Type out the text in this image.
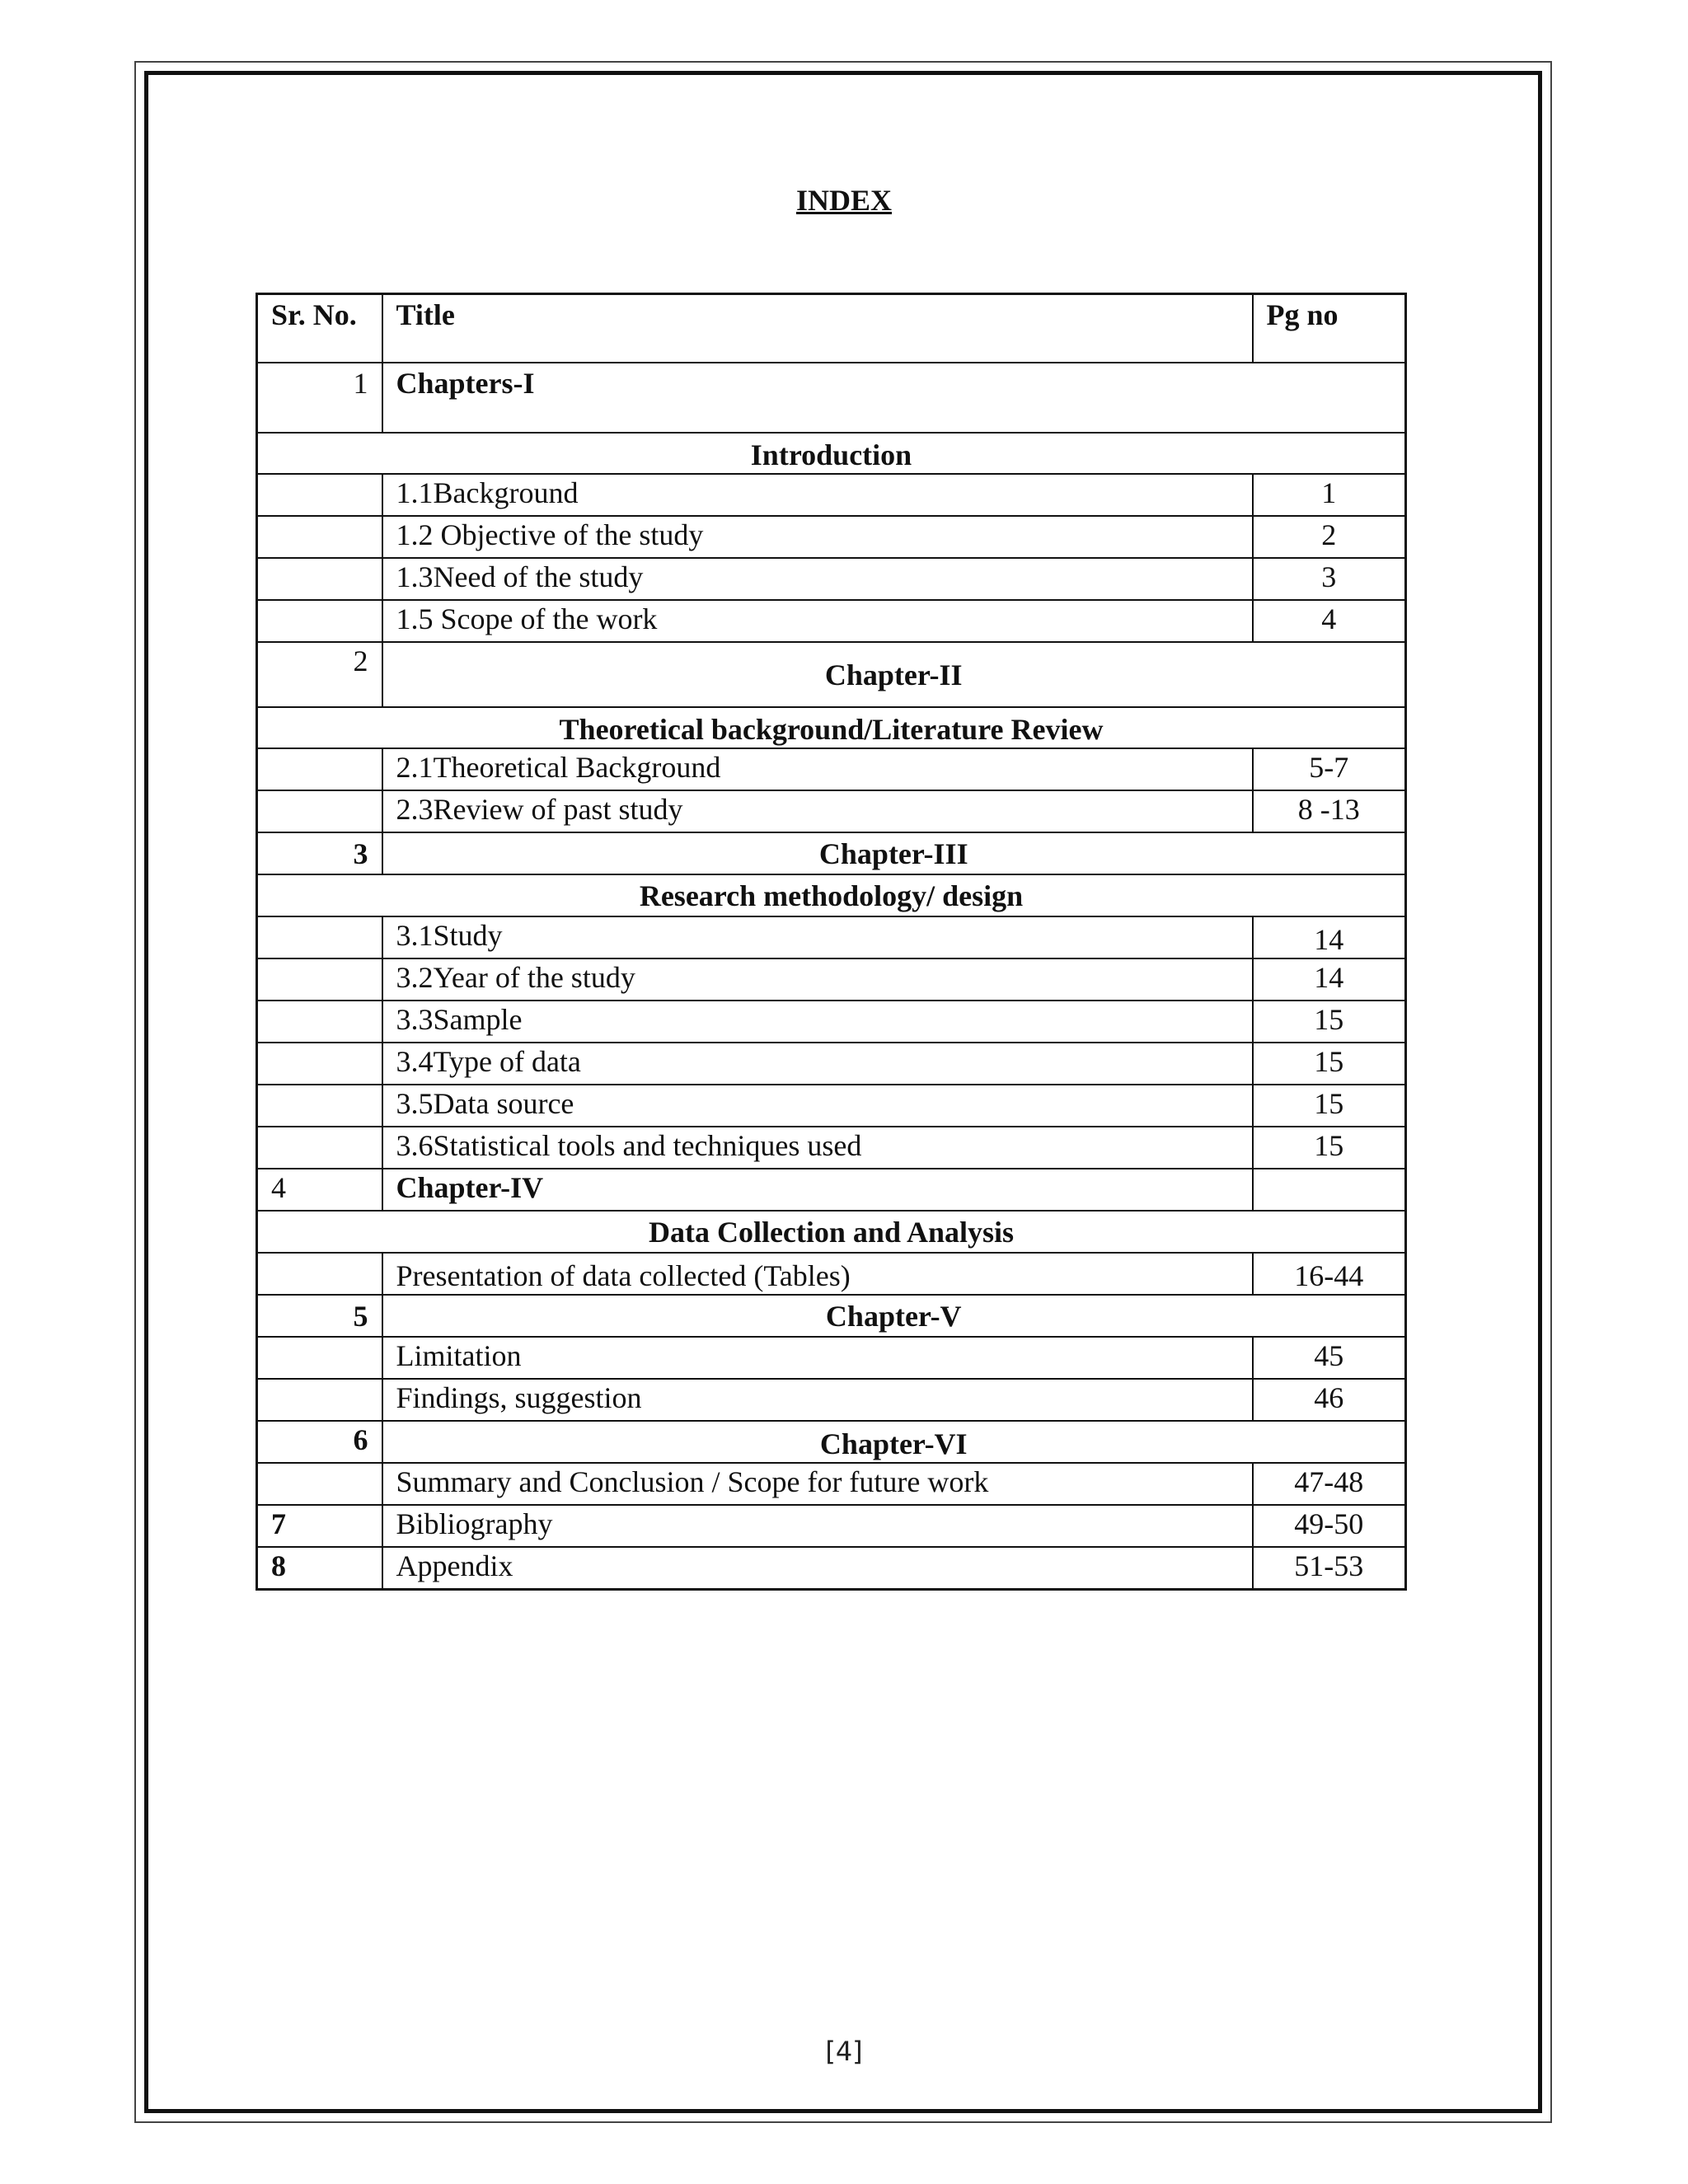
INDEX
Sr. No.	Title	Pg no
1	Chapters-I	
Introduction		
	1.1Background	1
	1.2 Objective of the study	2
	1.3Need of the study	3
	1.5 Scope of the work	4
2	Chapter-II	
Theoretical background/Literature Review		
	2.1Theoretical Background	5-7
	2.3Review of past study	8 -13
3	Chapter-III	
Research methodology/ design		
	3.1Study	14
	3.2Year of the study	14
	3.3Sample	15
	3.4Type of data	15
	3.5Data source	15
	3.6Statistical tools and techniques used	15
4	Chapter-IV	
Data Collection and Analysis		
	Presentation of data collected (Tables)	16-44
5	Chapter-V	
	Limitation	45
	Findings, suggestion	46
6	Chapter-VI	
	Summary and Conclusion / Scope for future work	47-48
7	Bibliography	49-50
8	Appendix	51-53
[4]
